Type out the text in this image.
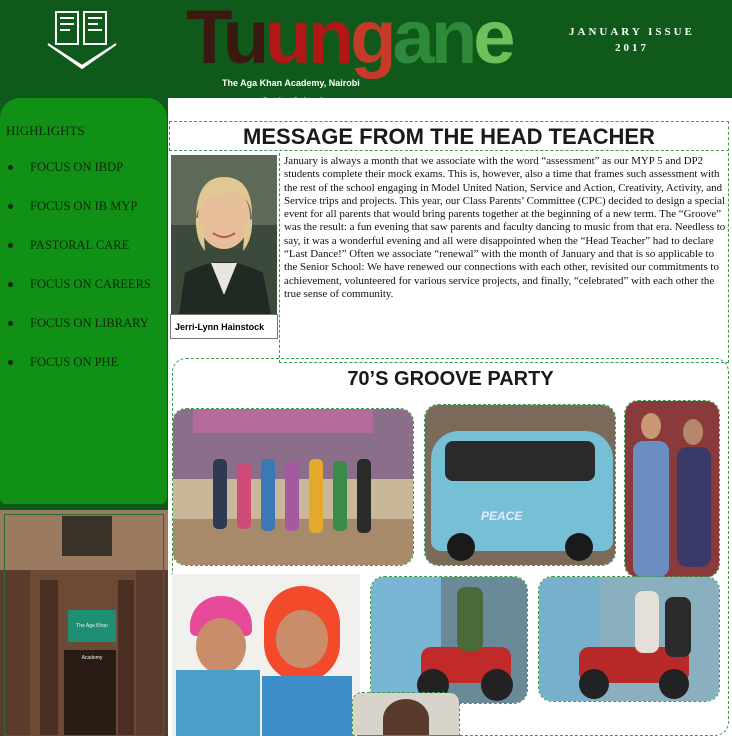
Tuungane
The Aga Khan Academy, Nairobi
Senior School
JANUARY ISSUE
2017
HIGHLIGHTS
FOCUS ON IBDP
FOCUS ON IB MYP
PASTORAL CARE
FOCUS ON CAREERS
FOCUS ON LIBRARY
FOCUS ON PHE
The Aga Khan Academy
MESSAGE FROM THE HEAD TEACHER
Jerri-Lynn Hainstock
January is always a month that we associate with the word “assessment” as our MYP 5 and DP2 students complete their mock exams. This is, however, also a time that frames such assessment with the rest of the school engaging in Model United Nation, Service and Action, Creativity, Activity, and Service trips and projects. This year, our Class Parents’ Committee (CPC) decided to design a special event for all parents that would bring parents together at the beginning of a new term. The “Groove” was the result: a fun evening that saw parents and faculty dancing to music from that era. Needless to say, it was a wonderful evening and all were disappointed when the “Head Teacher” had to declare “Last Dance!” Often we associate “renewal” with the month of January and that is so applicable to the Senior School: We have renewed our connections with each other, revisited our commitments to achievement, volunteered for various service projects, and finally, “celebrated” with each other the true sense of community.
70’S GROOVE PARTY
PEACE
